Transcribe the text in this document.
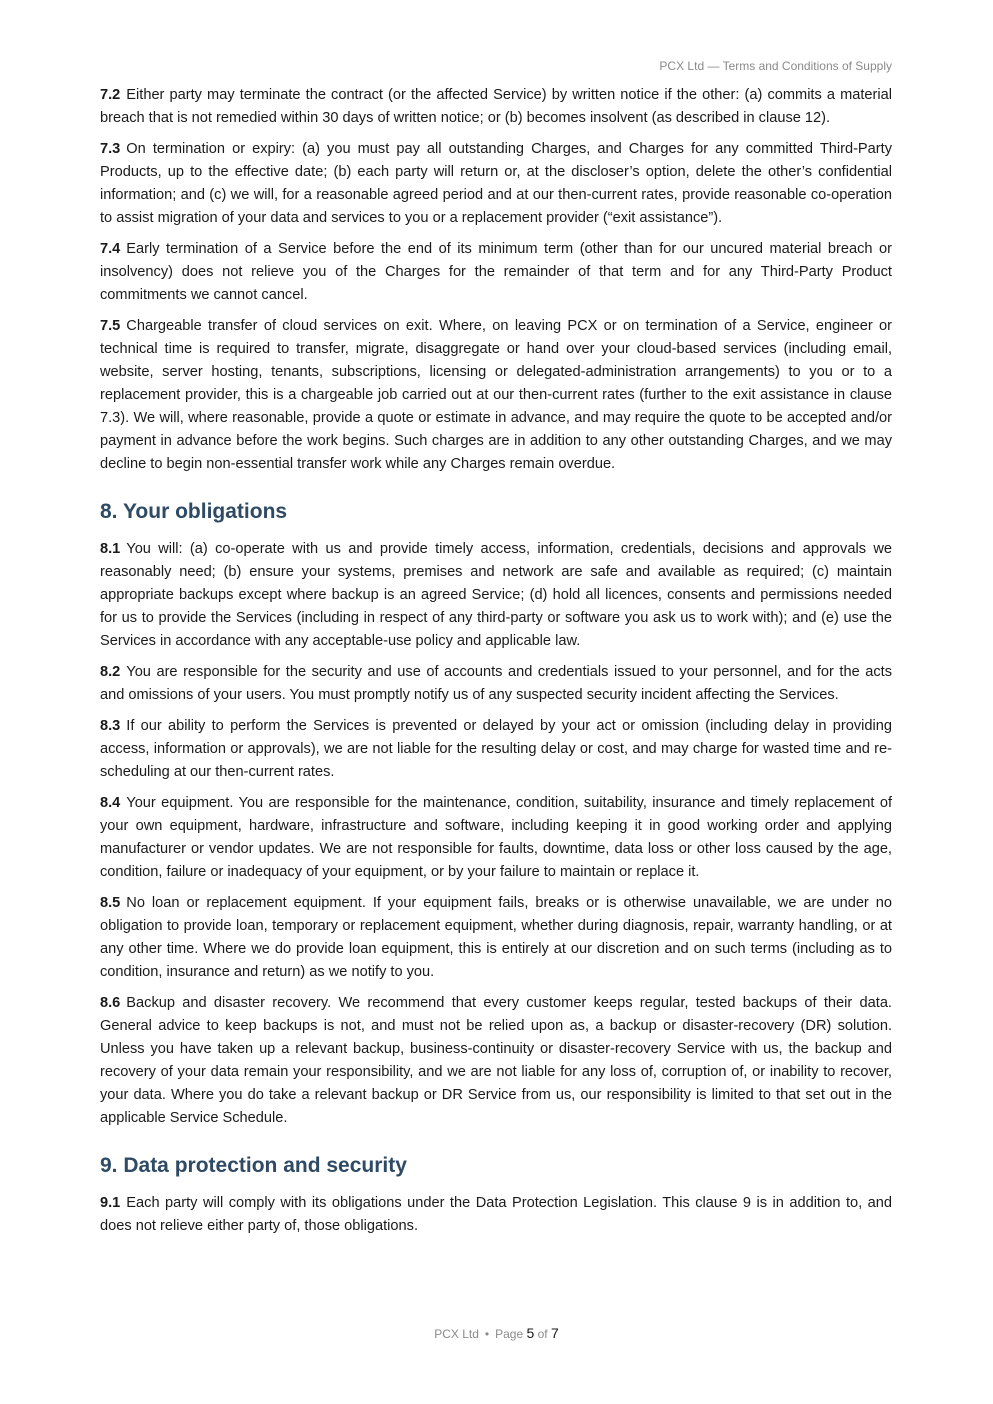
PCX Ltd — Terms and Conditions of Supply

7.2 Either party may terminate the contract (or the affected Service) by written notice if the other: (a) commits a material breach that is not remedied within 30 days of written notice; or (b) becomes insolvent (as described in clause 12).

7.3 On termination or expiry: (a) you must pay all outstanding Charges, and Charges for any committed Third-Party Products, up to the effective date; (b) each party will return or, at the discloser’s option, delete the other’s confidential information; and (c) we will, for a reasonable agreed period and at our then-current rates, provide reasonable co-operation to assist migration of your data and services to you or a replacement provider (“exit assistance”).

7.4 Early termination of a Service before the end of its minimum term (other than for our uncured material breach or insolvency) does not relieve you of the Charges for the remainder of that term and for any Third-Party Product commitments we cannot cancel.

7.5 Chargeable transfer of cloud services on exit. Where, on leaving PCX or on termination of a Service, engineer or technical time is required to transfer, migrate, disaggregate or hand over your cloud-based services (including email, website, server hosting, tenants, subscriptions, licensing or delegated-administration arrangements) to you or to a replacement provider, this is a chargeable job carried out at our then-current rates (further to the exit assistance in clause 7.3). We will, where reasonable, provide a quote or estimate in advance, and may require the quote to be accepted and/or payment in advance before the work begins. Such charges are in addition to any other outstanding Charges, and we may decline to begin non-essential transfer work while any Charges remain overdue.

8. Your obligations

8.1 You will: (a) co-operate with us and provide timely access, information, credentials, decisions and approvals we reasonably need; (b) ensure your systems, premises and network are safe and available as required; (c) maintain appropriate backups except where backup is an agreed Service; (d) hold all licences, consents and permissions needed for us to provide the Services (including in respect of any third-party or software you ask us to work with); and (e) use the Services in accordance with any acceptable-use policy and applicable law.

8.2 You are responsible for the security and use of accounts and credentials issued to your personnel, and for the acts and omissions of your users. You must promptly notify us of any suspected security incident affecting the Services.

8.3 If our ability to perform the Services is prevented or delayed by your act or omission (including delay in providing access, information or approvals), we are not liable for the resulting delay or cost, and may charge for wasted time and re-scheduling at our then-current rates.

8.4 Your equipment. You are responsible for the maintenance, condition, suitability, insurance and timely replacement of your own equipment, hardware, infrastructure and software, including keeping it in good working order and applying manufacturer or vendor updates. We are not responsible for faults, downtime, data loss or other loss caused by the age, condition, failure or inadequacy of your equipment, or by your failure to maintain or replace it.

8.5 No loan or replacement equipment. If your equipment fails, breaks or is otherwise unavailable, we are under no obligation to provide loan, temporary or replacement equipment, whether during diagnosis, repair, warranty handling, or at any other time. Where we do provide loan equipment, this is entirely at our discretion and on such terms (including as to condition, insurance and return) as we notify to you.

8.6 Backup and disaster recovery. We recommend that every customer keeps regular, tested backups of their data. General advice to keep backups is not, and must not be relied upon as, a backup or disaster-recovery (DR) solution. Unless you have taken up a relevant backup, business-continuity or disaster-recovery Service with us, the backup and recovery of your data remain your responsibility, and we are not liable for any loss of, corruption of, or inability to recover, your data. Where you do take a relevant backup or DR Service from us, our responsibility is limited to that set out in the applicable Service Schedule.

9. Data protection and security

9.1 Each party will comply with its obligations under the Data Protection Legislation. This clause 9 is in addition to, and does not relieve either party of, those obligations.

PCX Ltd • Page 5 of 7
